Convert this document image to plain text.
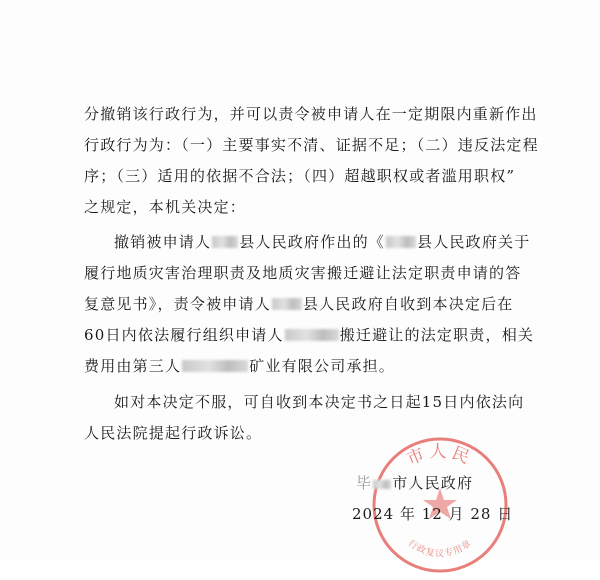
分撤销该行政行为，并可以责令被申请人在一定期限内重新作出
行政行为为：（一）主要事实不清、证据不足；（二）违反法定程
序；（三）适用的依据不合法；（四）超越职权或者滥用职权”
之规定，本机关决定：
撤销被申请人 县人民政府作出的《 县人民政府关于
履行地质灾害治理职责及地质灾害搬迁避让法定职责申请的答
复意见书》，责令被申请人 县人民政府自收到本决定后在
60日内依法履行组织申请人	搬迁避让的法定职责，相关
费用由第三人	矿业有限公司承担。
如对本决定不服，可自收到本决定书之日起15日内依法向
人民法院提起行政诉讼。
市人民
行政复议专用章
毕 市人民政府
2024 年 12 月 28 日
